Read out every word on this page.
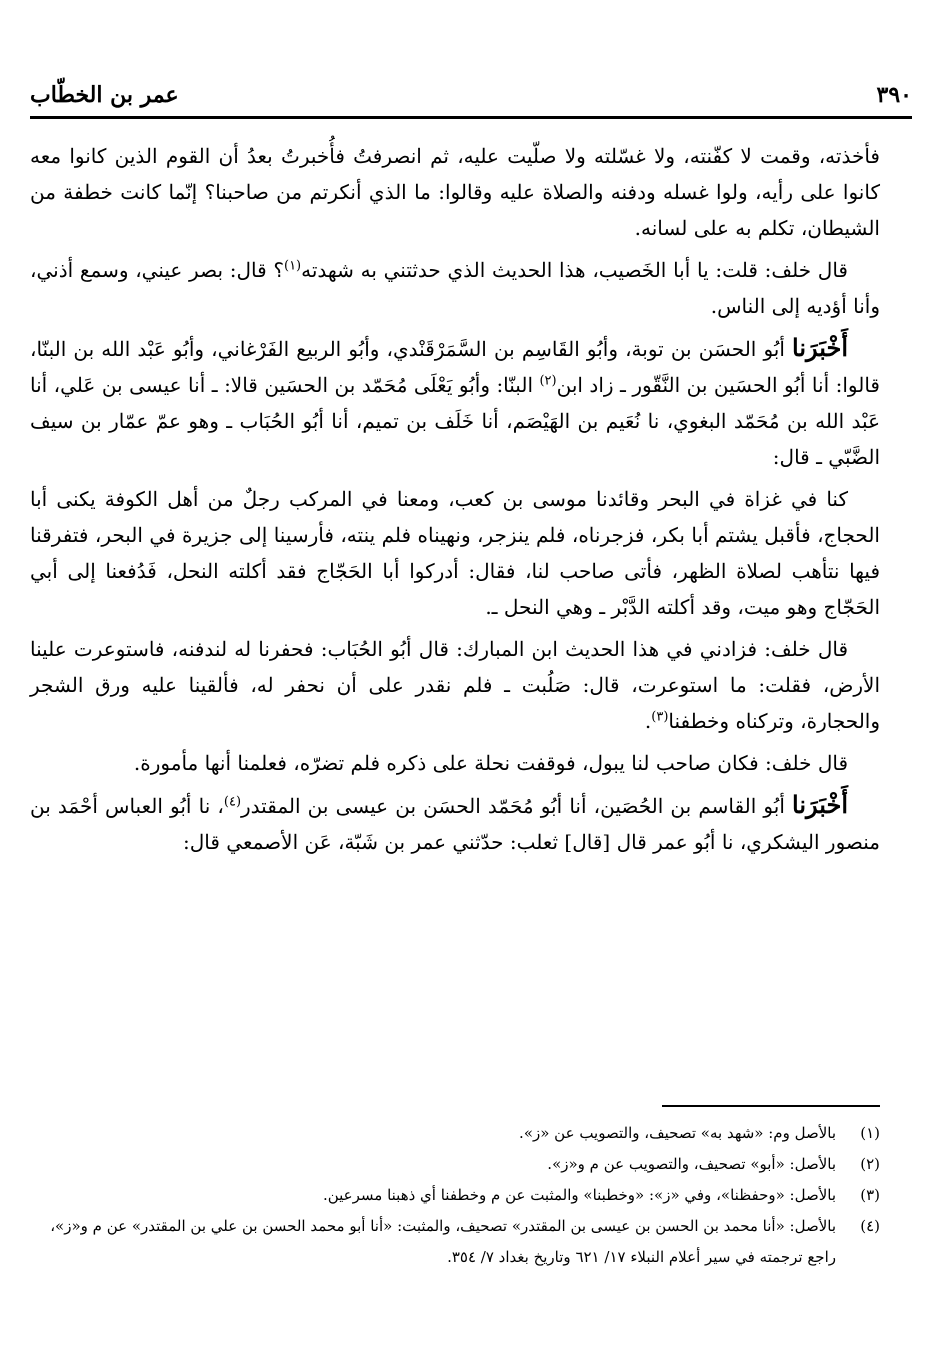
٣٩٠
عمر بن الخطّاب

فأخذته، وقمت لا كفّنته، ولا غسّلته ولا صلّيت عليه، ثم انصرفتُ فأُخبرتُ بعدُ أن القوم الذين كانوا معه كانوا على رأيه، ولوا غسله ودفنه والصلاة عليه وقالوا: ما الذي أنكرتم من صاحبنا؟ إنّما كانت خطفة من الشيطان، تكلم به على لسانه.

قال خلف: قلت: يا أبا الخَصيب، هذا الحديث الذي حدثتني به شهدته$^{(١)}$؟ قال: بصر عيني، وسمع أذني، وأنا أؤديه إلى الناس.

أَخْبَرَنا أبُو الحسَن بن توبة، وأبُو القَاسِم بن السَّمَرْقَنْدي، وأبُو الربيع الفَرْغاني، وأبُو عَبْد الله بن البنّا، قالوا: أنا أبُو الحسَين بن النَّقّور ـ زاد ابن$^{(٢)}$ البنّا: وأبُو يَعْلَى مُحَمّد بن الحسَين قالا: ـ أنا عيسى بن عَلي، أنا عَبْد الله بن مُحَمّد البغوي، نا نُعَيم بن الهَيْصَم، أنا خَلَف بن تميم، أنا أبُو الحُبَاب ـ وهو عمّ عمّار بن سيف الضَّبّي ـ قال:

كنا في غزاة في البحر وقائدنا موسى بن كعب، ومعنا في المركب رجلٌ من أهل الكوفة يكنى أبا الحجاج، فأقبل يشتم أبا بكر، فزجرناه، فلم ينزجر، ونهيناه فلم ينته، فأرسينا إلى جزيرة في البحر، فتفرقنا فيها نتأهب لصلاة الظهر، فأتى صاحب لنا، فقال: أدركوا أبا الحَجّاج فقد أكلته النحل، فَدُفعنا إلى أبي الحَجّاج وهو ميت، وقد أكلته الدَّبْر ـ وهي النحل ـ.

قال خلف: فزادني في هذا الحديث ابن المبارك: قال أبُو الحُبَاب: فحفرنا له لندفنه، فاستوعرت علينا الأرض، فقلت: ما استوعرت، قال: صَلُبت ـ فلم نقدر على أن نحفر له، فألقينا عليه ورق الشجر والحجارة، وتركناه وخطفنا$^{(٣)}$.

قال خلف: فكان صاحب لنا يبول، فوقفت نحلة على ذكره فلم تضرّه، فعلمنا أنها مأمورة.

أَخْبَرَنا أبُو القاسم بن الحُصَين، أنا أبُو مُحَمّد الحسَن بن عيسى بن المقتدر$^{(٤)}$، نا أبُو العباس أحْمَد بن منصور اليشكري، نا أبُو عمر قال [قال] ثعلب: حدّثني عمر بن شَبّة، عَن الأصمعي قال:

(١)
بالأصل وم: «شهد به» تصحيف، والتصويب عن «ز».
(٢)
بالأصل: «أبو» تصحيف، والتصويب عن م و«ز».
(٣)
بالأصل: «وحفظنا»، وفي «ز»: «وخطبنا» والمثبت عن م وخطفنا أي ذهبنا مسرعين.
(٤)
بالأصل: «أنا محمد بن الحسن بن عيسى بن المقتدر» تصحيف، والمثبت: «أنا أبو محمد الحسن بن علي بن المقتدر» عن م و«ز»، راجع ترجمته في سير أعلام النبلاء ١٧/ ٦٢١ وتاريخ بغداد ٧/ ٣٥٤.
